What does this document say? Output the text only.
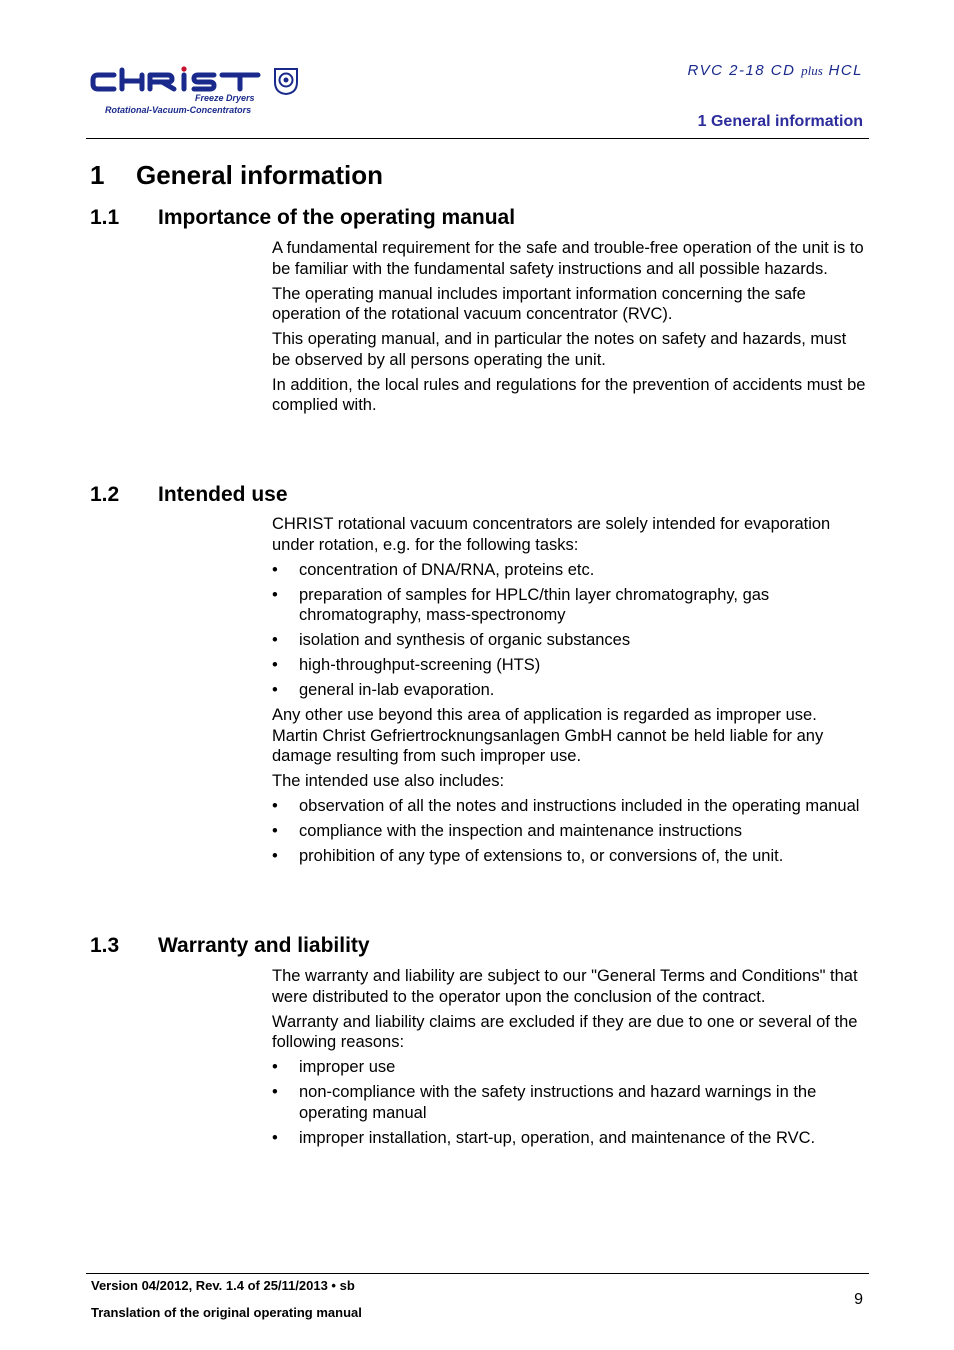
Freeze Dryers
Rotational-Vacuum-Concentrators
RVC 2-18 CD plus HCL
1 General information
1 General information
1.1 Importance of the operating manual

A fundamental requirement for the safe and trouble-free operation of the unit is to be familiar with the fundamental safety instructions and all possible hazards.

The operating manual includes important information concerning the safe operation of the rotational vacuum concentrator (RVC).

This operating manual, and in particular the notes on safety and hazards, must be observed by all persons operating the unit.

In addition, the local rules and regulations for the prevention of accidents must be complied with.

1.2 Intended use

CHRIST rotational vacuum concentrators are solely intended for evaporation under rotation, e.g. for the following tasks:

• concentration of DNA/RNA, proteins etc.
• preparation of samples for HPLC/thin layer chromatography, gas chromatography, mass-spectronomy
• isolation and synthesis of organic substances
• high-throughput-screening (HTS)
• general in-lab evaporation.

Any other use beyond this area of application is regarded as improper use. Martin Christ Gefriertrocknungsanlagen GmbH cannot be held liable for any damage resulting from such improper use.

The intended use also includes:

• observation of all the notes and instructions included in the operating manual
• compliance with the inspection and maintenance instructions
• prohibition of any type of extensions to, or conversions of, the unit.
1.3 Warranty and liability

The warranty and liability are subject to our "General Terms and Conditions" that were distributed to the operator upon the conclusion of the contract.

Warranty and liability claims are excluded if they are due to one or several of the following reasons:

• improper use
• non-compliance with the safety instructions and hazard warnings in the operating manual
• improper installation, start-up, operation, and maintenance of the RVC.
Version 04/2012, Rev. 1.4 of 25/11/2013 • sb
Translation of the original operating manual
9
